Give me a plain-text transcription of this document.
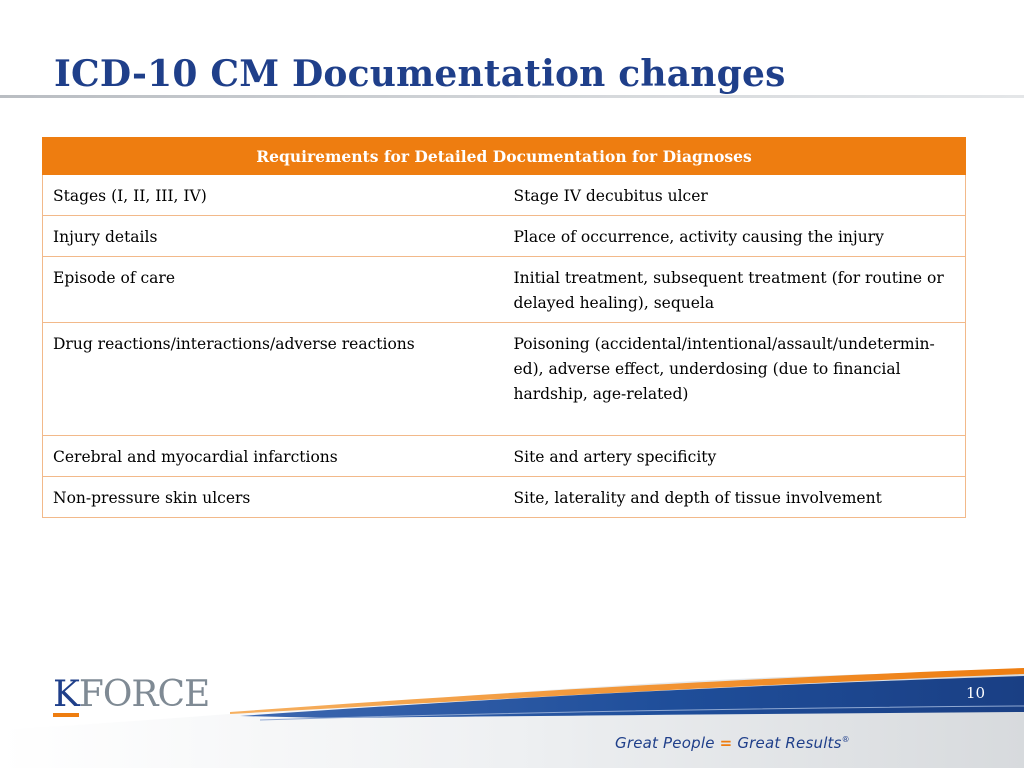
ICD-10 CM Documentation changes
Requirements for Detailed Documentation for Diagnoses	
Stages (I, II, III, IV)	Stage IV decubitus ulcer
Injury details	Place of occurrence, activity causing the injury
Episode of care	Initial treatment, subsequent treatment (for routine or delayed healing), sequela
Drug reactions/interactions/adverse reactions	Poisoning (accidental/intentional/assault/undetermin-ed), adverse effect, underdosing (due to financial hardship, age-related)
Cerebral and myocardial infarctions	Site and artery specificity
Non-pressure skin ulcers	Site, laterality and depth of tissue involvement
KFORCE	10
Great People = Great Results®
